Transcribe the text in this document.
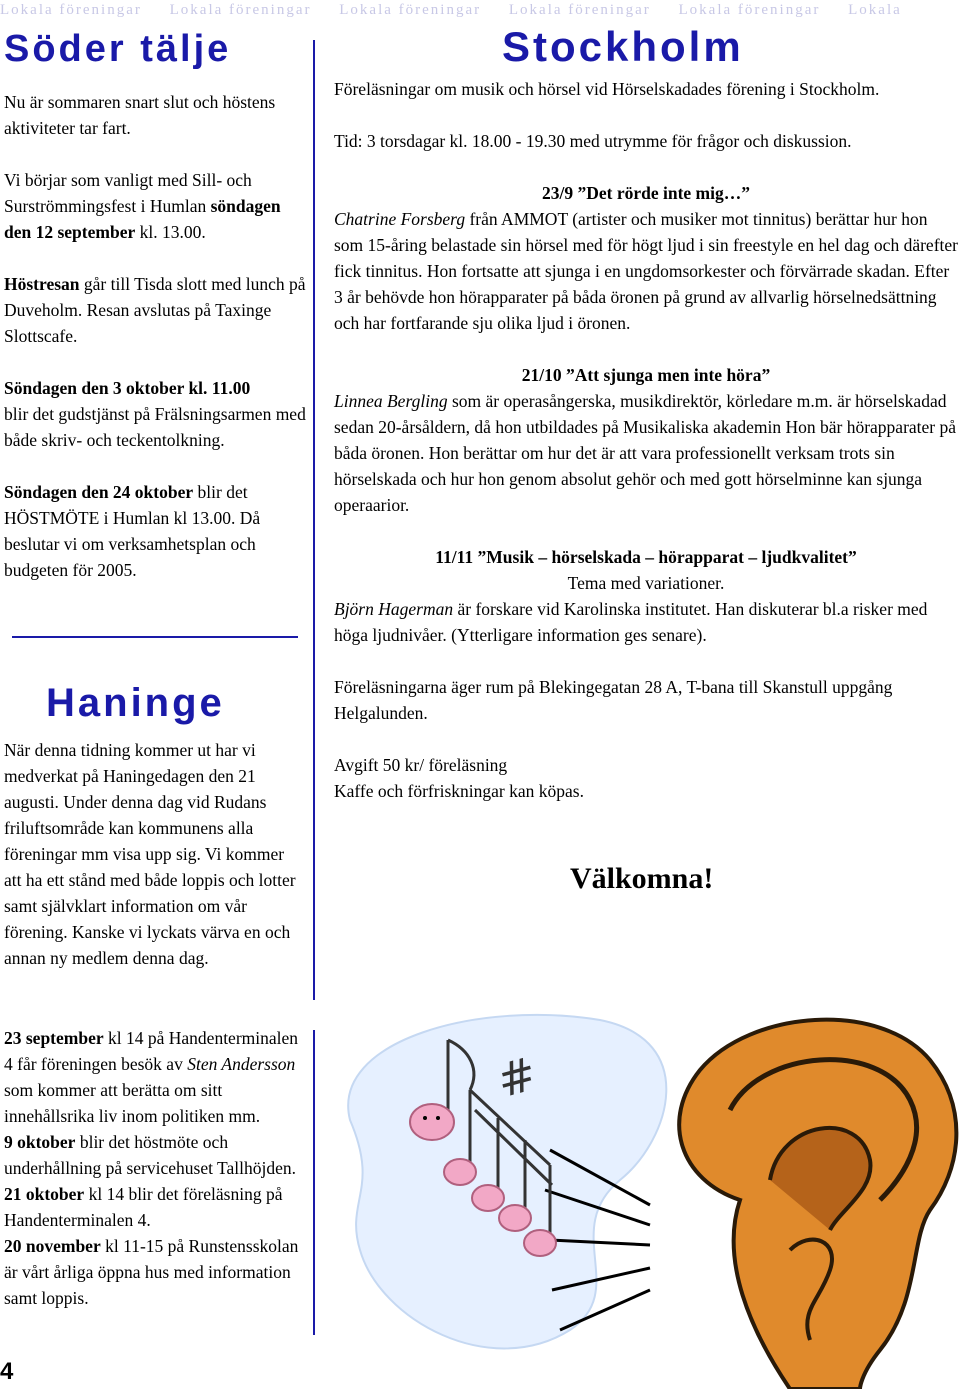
Lokala föreningar Lokala föreningar Lokala föreningar Lokala föreningar Lokala föreningar Lokala
Söder tälje

Nu är sommaren snart slut och höstens aktiviteter tar fart.

Vi börjar som vanligt med Sill- och Surströmmingsfest i Humlan söndagen den 12 september kl. 13.00.

Höstresan går till Tisda slott med lunch på Duveholm. Resan avslutas på Taxinge Slottscafe.

Söndagen den 3 oktober kl. 11.00
blir det gudstjänst på Frälsningsarmen med både skriv- och teckentolkning.

Söndagen den 24 oktober blir det HÖSTMÖTE i Humlan kl 13.00. Då beslutar vi om verksamhetsplan och budgeten för 2005.

Haninge

När denna tidning kommer ut har vi medverkat på Haningedagen den 21 augusti. Under denna dag vid Rudans friluftsområde kan kommunens alla föreningar mm visa upp sig. Vi kommer att ha ett stånd med både loppis och lotter samt självklart information om vår förening. Kanske vi lyckats värva en och annan ny medlem denna dag.

23 september kl 14 på Handenterminalen 4 får föreningen besök av Sten Andersson som kommer att berätta om sitt innehållsrika liv inom politiken mm.

9 oktober blir det höstmöte och underhållning på servicehuset Tallhöjden.

21 oktober kl 14 blir det föreläsning på Handenterminalen 4.

20 november kl 11-15 på Runstensskolan är vårt årliga öppna hus med information samt loppis.

Stockholm

Föreläsningar om musik och hörsel vid Hörselskadades förening i Stockholm.

Tid: 3 torsdagar kl. 18.00 - 19.30 med utrymme för frågor och diskussion.

23/9 ”Det rörde inte mig…”

Chatrine Forsberg från AMMOT (artister och musiker mot tinnitus) berättar hur hon som 15-åring belastade sin hörsel med för högt ljud i sin freestyle en hel dag och därefter fick tinnitus. Hon fortsatte att sjunga i en ungdomsorkester och förvärrade skadan. Efter 3 år behövde hon hörapparater på båda öronen på grund av allvarlig hörselnedsättning och har fortfarande sju olika ljud i öronen.

21/10 ”Att sjunga men inte höra”

Linnea Bergling som är operasångerska, musikdirektör, körledare m.m. är hörselskadad sedan 20-årsåldern, då hon utbildades på Musikaliska akademin Hon bär hörapparater på båda öronen. Hon berättar om hur det är att vara professionellt verksam trots sin hörselskada och hur hon genom absolut gehör och med gott hörselminne kan sjunga operaarior.

11/11 ”Musik – hörselskada – hörapparat – ljudkvalitet”

Tema med variationer.

Björn Hagerman är forskare vid Karolinska institutet. Han diskuterar bl.a risker med höga ljudnivåer. (Ytterligare information ges senare).

Föreläsningarna äger rum på Blekingegatan 28 A, T-bana till Skanstull uppgång Helgalunden.

Avgift 50 kr/ föreläsning

Kaffe och förfriskningar kan köpas.

Välkomna!
#
4
